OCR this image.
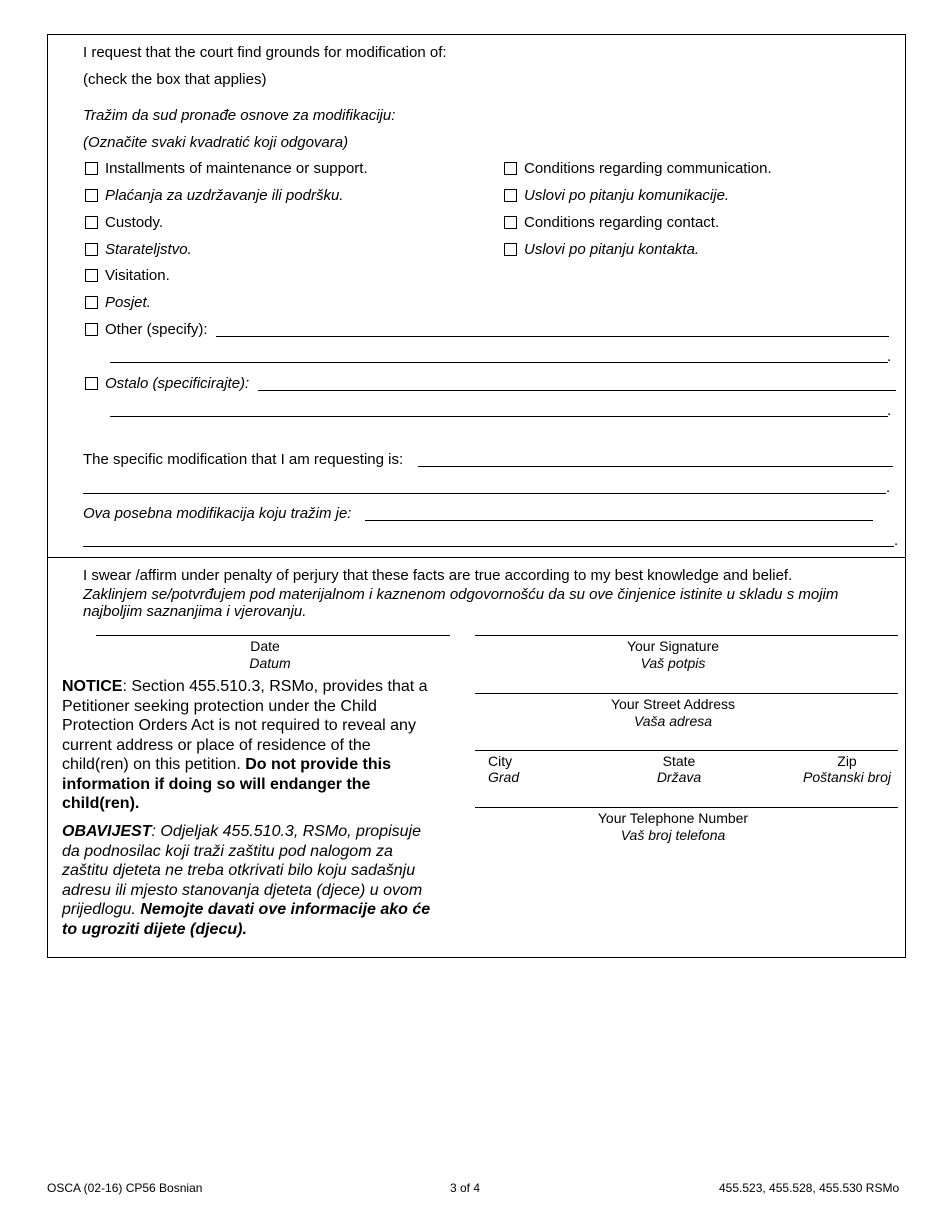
I request that the court find grounds for modification of:
(check the box that applies)
Tražim da sud pronađe osnove za modifikaciju:
(Označite svaki kvadratić koji odgovara)
Installments of maintenance or support.
Plaćanja za uzdržavanje ili podršku.
Custody.
Starateljstvo.
Visitation.
Posjet.
Other (specify):
.
Ostalo (specificirajte):
.
Conditions regarding communication.
Uslovi po pitanju komunikacije.
Conditions regarding contact.
Uslovi po pitanju kontakta.
The specific modification that I am requesting is:
.
Ova posebna modifikacija koju tražim je:
.
I swear /affirm under penalty of perjury that these facts are true according to my best knowledge and belief.
Zaklinjem se/potvrđujem pod materijalnom i kaznenom odgovornošću da su ove činjenice istinite u skladu s mojim
najboljim saznanjima i vjerovanju.
Date
Datum
Your Signature
Vaš potpis
Your Street Address
Vaša adresa
City
Grad
State
Država
Zip
Poštanski broj
Your Telephone Number
Vaš broj telefona
NOTICE: Section 455.510.3, RSMo, provides that a Petitioner seeking protection under the Child Protection Orders Act is not required to reveal any current address or place of residence of the child(ren) on this petition. Do not provide this information if doing so will endanger the child(ren).
OBAVIJEST: Odjeljak 455.510.3, RSMo, propisuje da podnosilac koji traži zaštitu pod nalogom za zaštitu djeteta ne treba otkrivati bilo koju sadašnju adresu ili mjesto stanovanja djeteta (djece) u ovom prijedlogu. Nemojte davati ove informacije ako će to ugroziti dijete (djecu).
OSCA (02-16) CP56 Bosnian	3 of 4	455.523, 455.528, 455.530 RSMo
